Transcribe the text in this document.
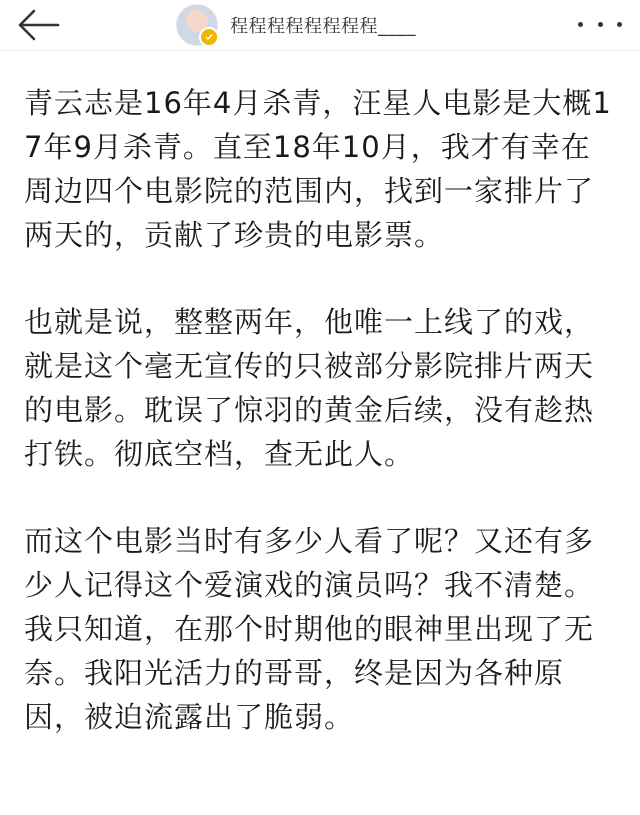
程程程程程程程程____

青云志是16年4月杀青，汪星人电影是大概17年9月杀青。直至18年10月，我才有幸在周边四个电影院的范围内，找到一家排片了两天的，贡献了珍贵的电影票。

也就是说，整整两年，他唯一上线了的戏，就是这个毫无宣传的只被部分影院排片两天的电影。耽误了惊羽的黄金后续，没有趁热打铁。彻底空档，查无此人。

而这个电影当时有多少人看了呢？又还有多少人记得这个爱演戏的演员吗？我不清楚。我只知道，在那个时期他的眼神里出现了无奈。我阳光活力的哥哥，终是因为各种原因，被迫流露出了脆弱。
